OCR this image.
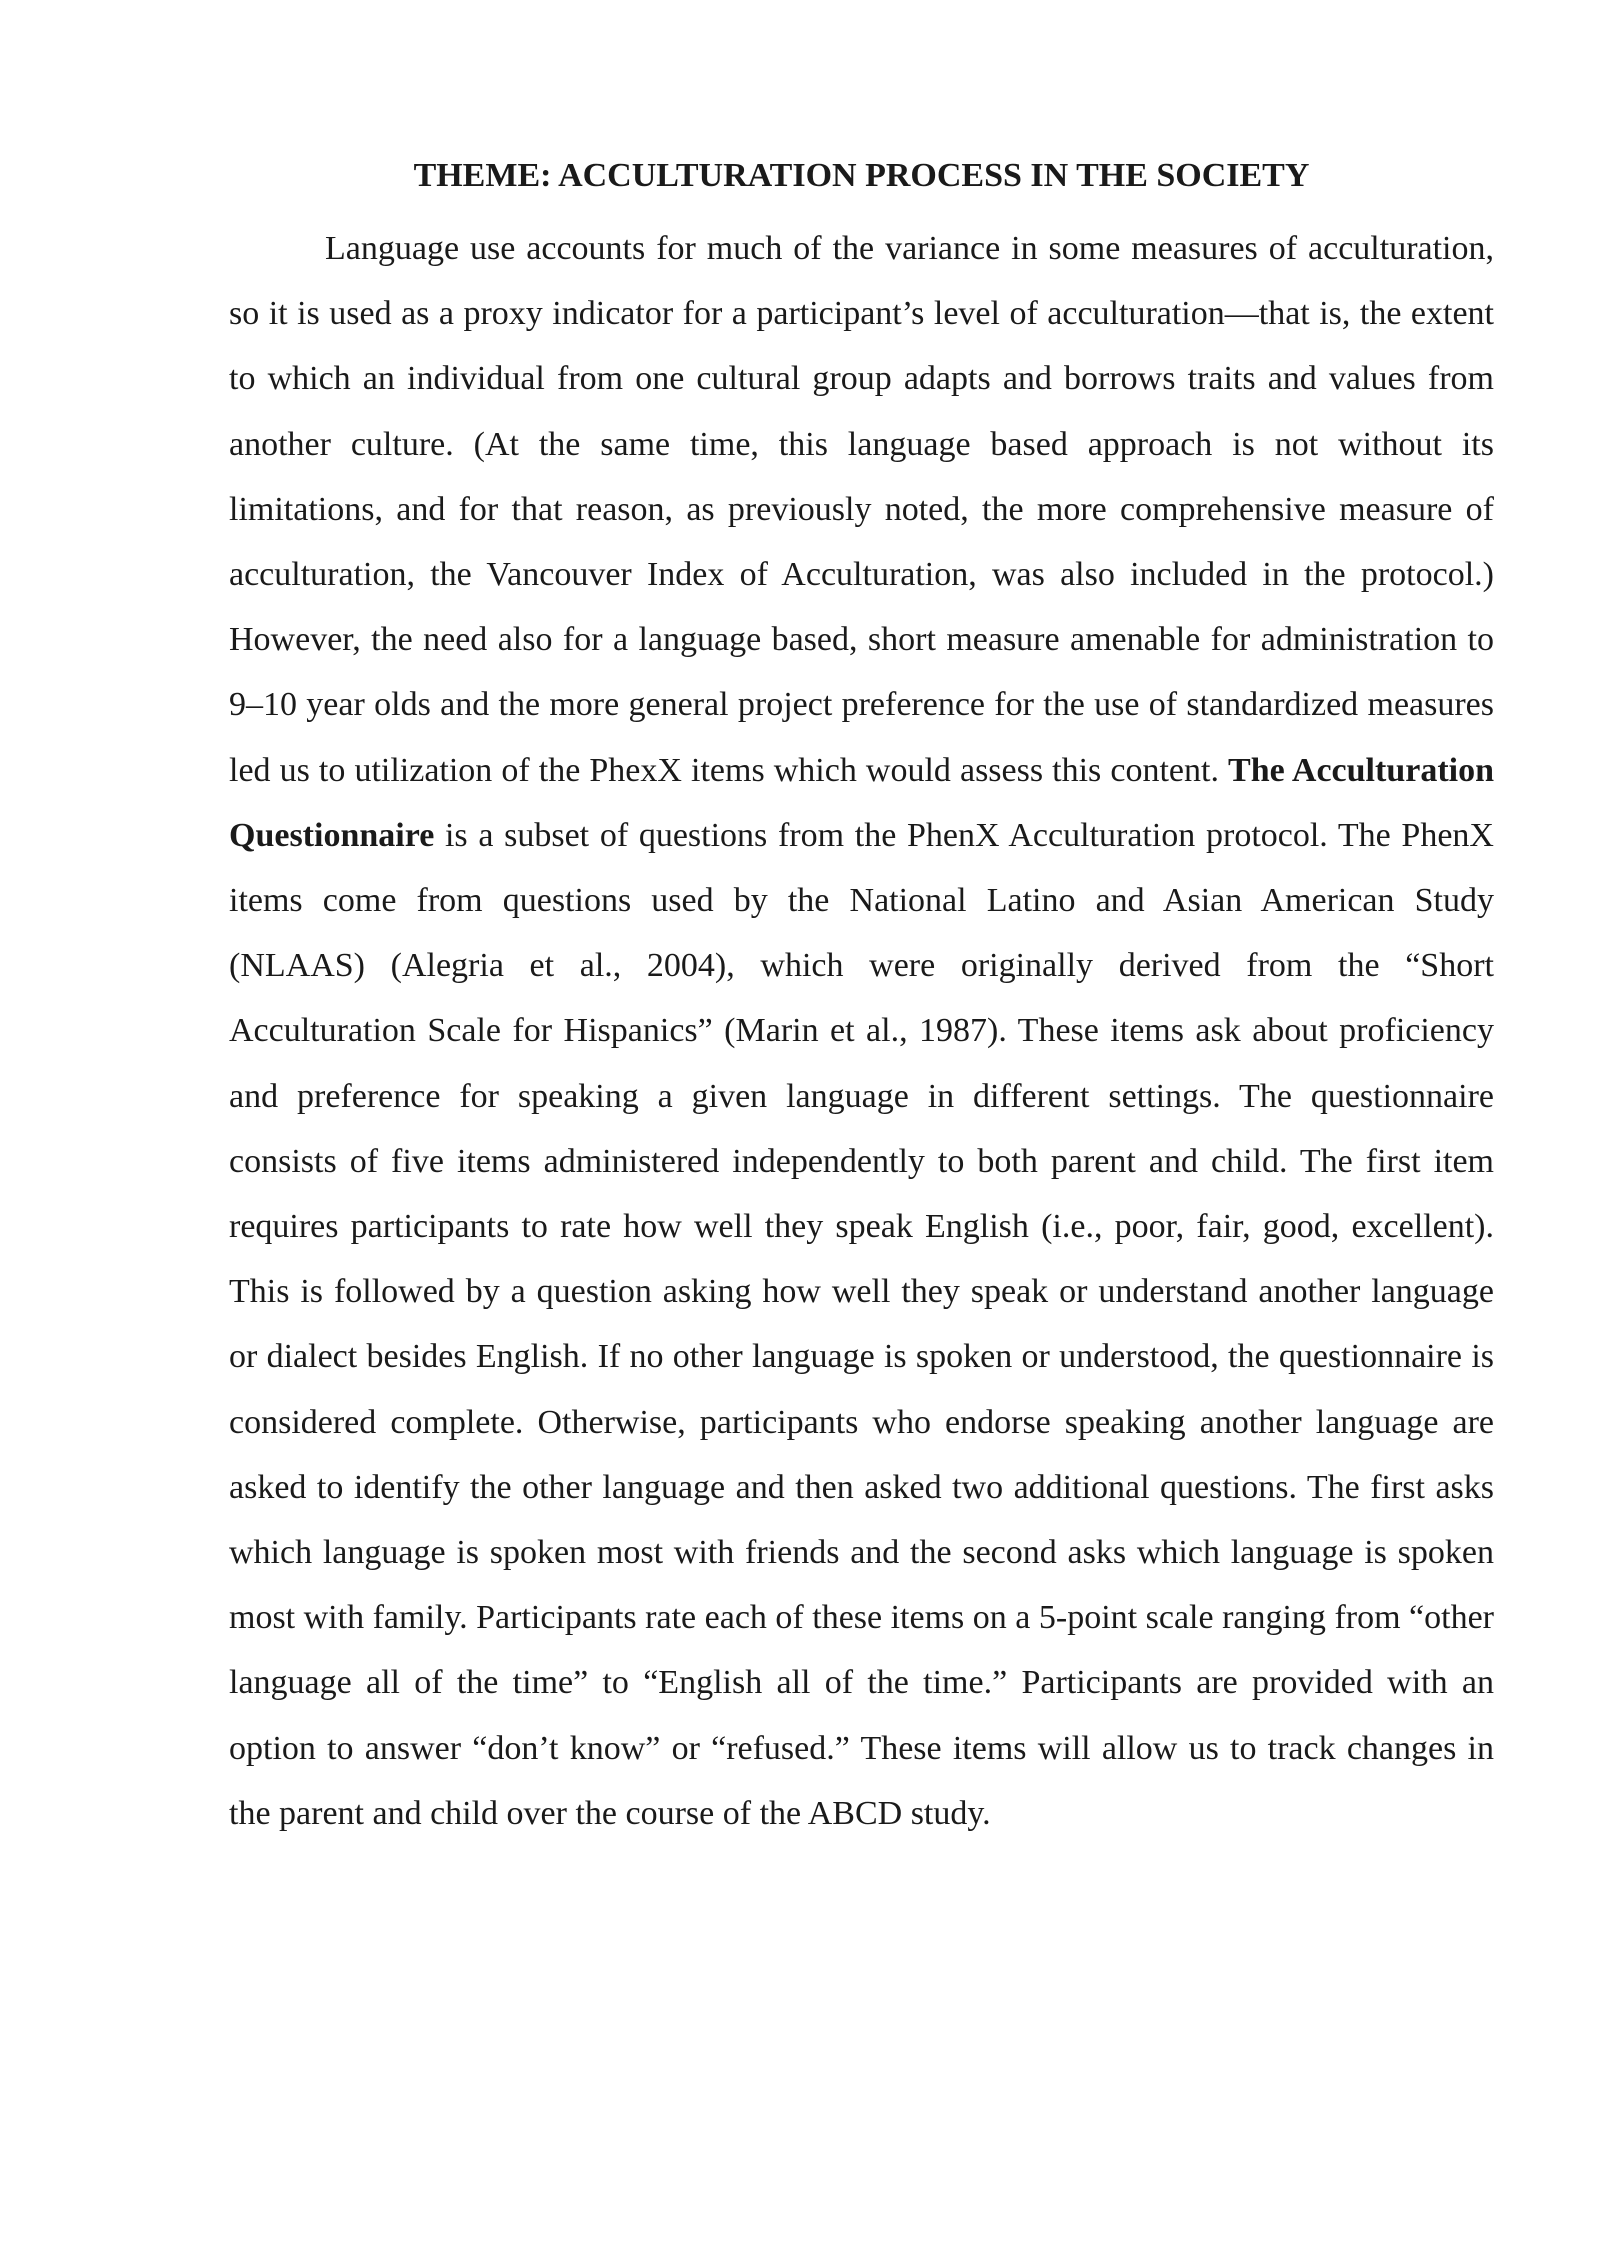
THEME: ACCULTURATION PROCESS IN THE SOCIETY

Language use accounts for much of the variance in some measures of acculturation, so it is used as a proxy indicator for a participant’s level of acculturation—that is, the extent to which an individual from one cultural group adapts and borrows traits and values from another culture. (At the same time, this language based approach is not without its limitations, and for that reason, as previously noted, the more comprehensive measure of acculturation, the Vancouver Index of Acculturation, was also included in the protocol.) However, the need also for a language based, short measure amenable for administration to 9–10 year olds and the more general project preference for the use of standardized measures led us to utilization of the PhexX items which would assess this content. The Acculturation Questionnaire is a subset of questions from the PhenX Acculturation protocol. The PhenX items come from questions used by the National Latino and Asian American Study (NLAAS) (Alegria et al., 2004), which were originally derived from the “Short Acculturation Scale for Hispanics” (Marin et al., 1987). These items ask about proficiency and preference for speaking a given language in different settings. The questionnaire consists of five items administered independently to both parent and child. The first item requires participants to rate how well they speak English (i.e., poor, fair, good, excellent). This is followed by a question asking how well they speak or understand another language or dialect besides English. If no other language is spoken or understood, the questionnaire is considered complete. Otherwise, participants who endorse speaking another language are asked to identify the other language and then asked two additional questions. The first asks which language is spoken most with friends and the second asks which language is spoken most with family. Participants rate each of these items on a 5-point scale ranging from “other language all of the time” to “English all of the time.” Participants are provided with an option to answer “don’t know” or “refused.” These items will allow us to track changes in the parent and child over the course of the ABCD study.
